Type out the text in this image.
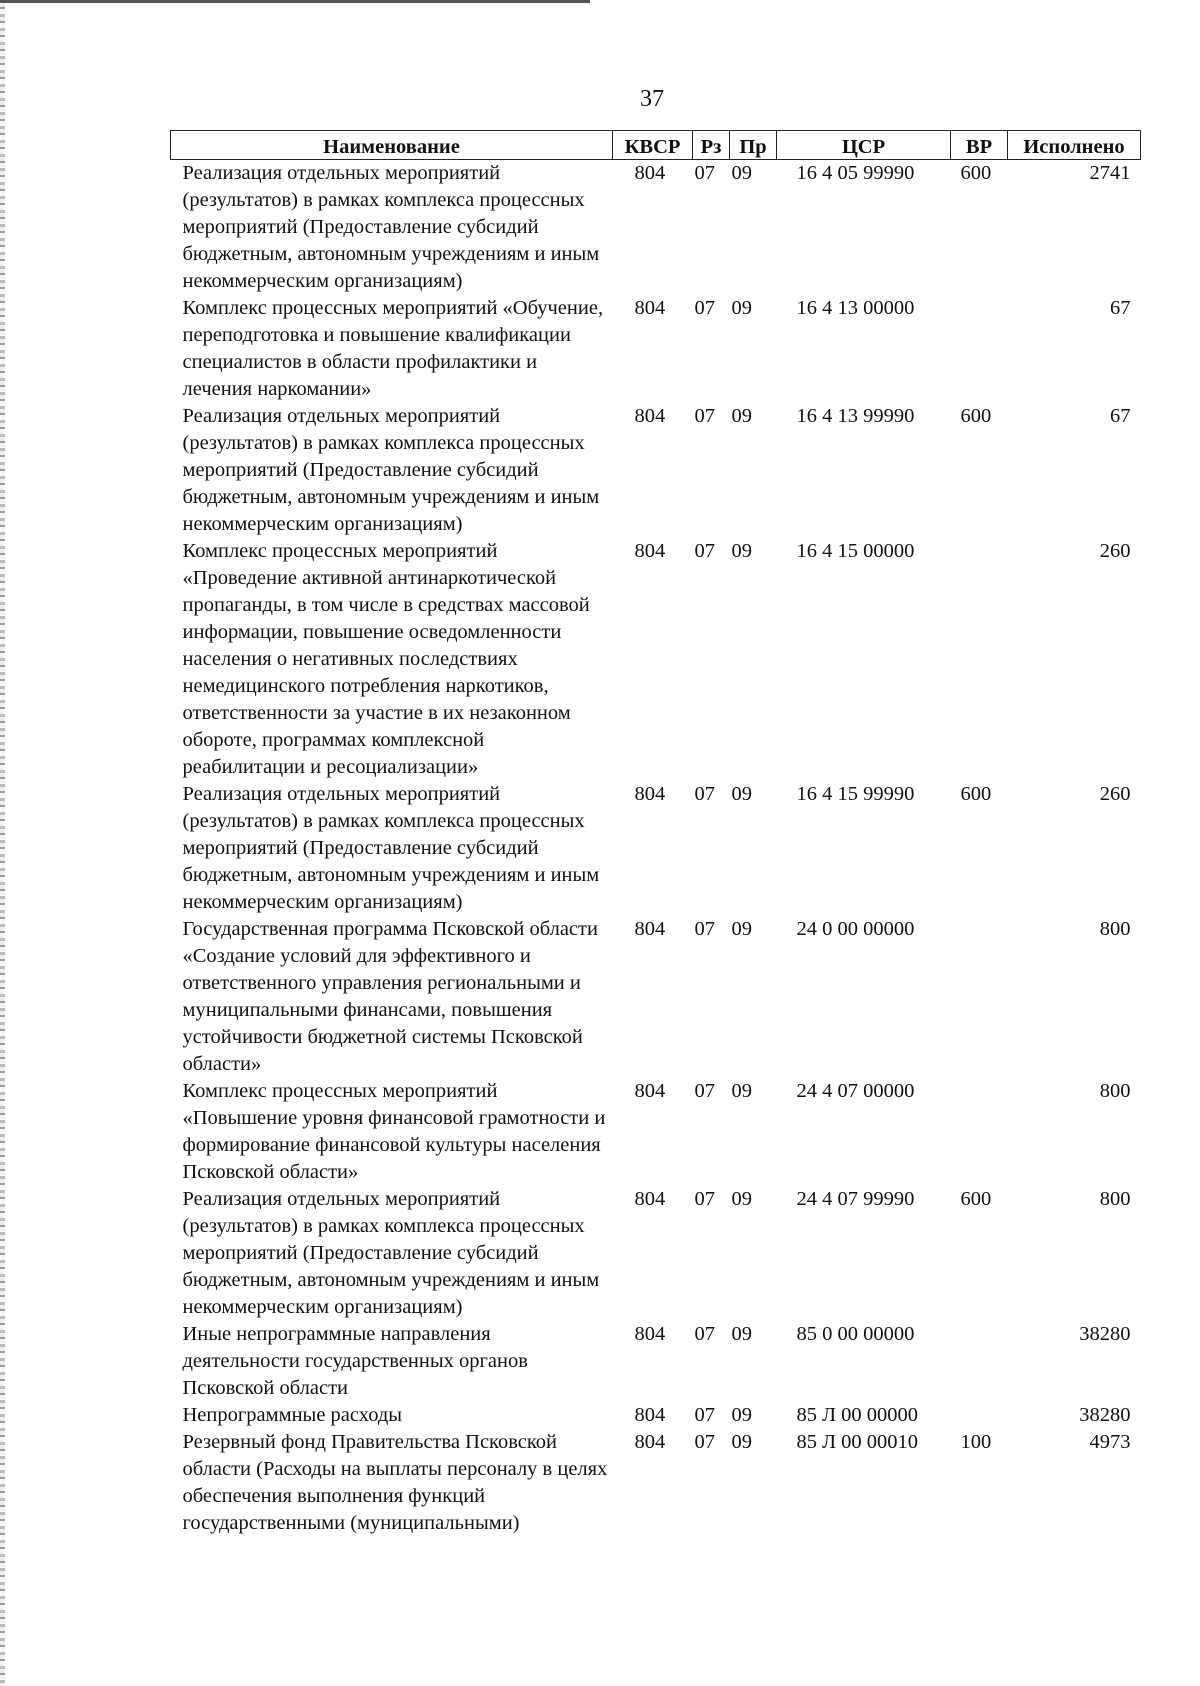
37
Наименование	КВСР	Рз	Пр	ЦСР	ВР	Исполнено
Реализация отдельных мероприятий (результатов) в рамках комплекса процессных мероприятий (Предоставление субсидий бюджетным, автономным учреждениям и иным некоммерческим организациям)	804	07	09	16 4 05 99990	600	2741
Комплекс процессных мероприятий «Обучение, переподготовка и повышение квалификации специалистов в области профилактики и лечения наркомании»	804	07	09	16 4 13 00000		67
Реализация отдельных мероприятий (результатов) в рамках комплекса процессных мероприятий (Предоставление субсидий бюджетным, автономным учреждениям и иным некоммерческим организациям)	804	07	09	16 4 13 99990	600	67
Комплекс процессных мероприятий «Проведение активной антинаркотической пропаганды, в том числе в средствах массовой информации, повышение осведомленности населения о негативных последствиях немедицинского потребления наркотиков, ответственности за участие в их незаконном обороте, программах комплексной реабилитации и ресоциализации»	804	07	09	16 4 15 00000		260
Реализация отдельных мероприятий (результатов) в рамках комплекса процессных мероприятий (Предоставление субсидий бюджетным, автономным учреждениям и иным некоммерческим организациям)	804	07	09	16 4 15 99990	600	260
Государственная программа Псковской области «Создание условий для эффективного и ответственного управления региональными и муниципальными финансами, повышения устойчивости бюджетной системы Псковской области»	804	07	09	24 0 00 00000		800
Комплекс процессных мероприятий «Повышение уровня финансовой грамотности и формирование финансовой культуры населения Псковской области»	804	07	09	24 4 07 00000		800
Реализация отдельных мероприятий (результатов) в рамках комплекса процессных мероприятий (Предоставление субсидий бюджетным, автономным учреждениям и иным некоммерческим организациям)	804	07	09	24 4 07 99990	600	800
Иные непрограммные направления деятельности государственных органов Псковской области	804	07	09	85 0 00 00000		38280
Непрограммные расходы	804	07	09	85 Л 00 00000		38280
Резервный фонд Правительства Псковской области (Расходы на выплаты персоналу в целях обеспечения выполнения функций государственными (муниципальными)	804	07	09	85 Л 00 00010	100	4973
